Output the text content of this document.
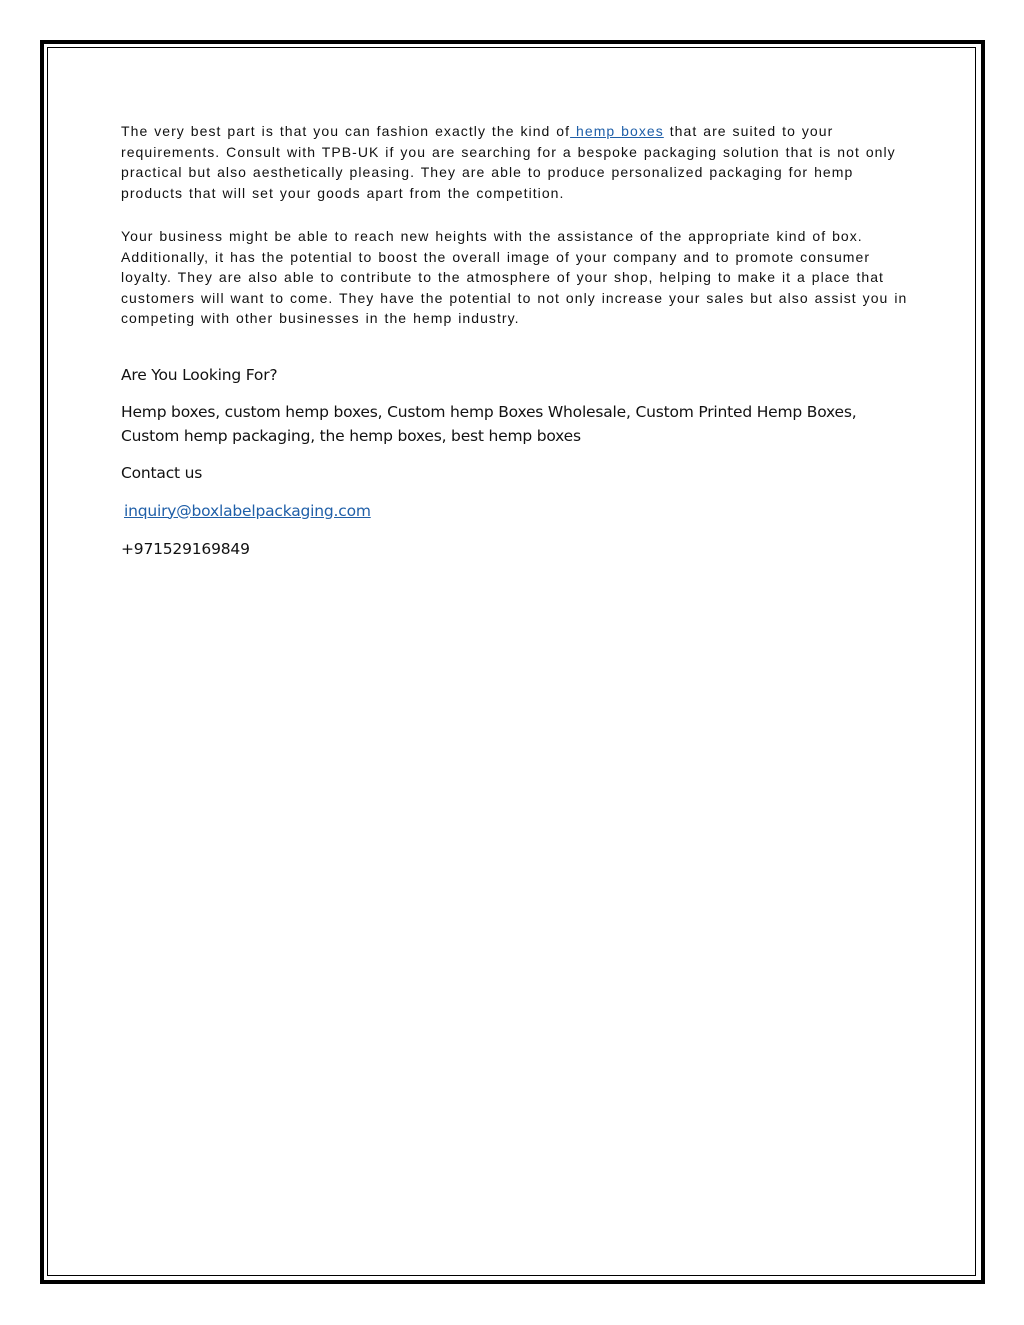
The very best part is that you can fashion exactly the kind of hemp boxes that are suited to your requirements. Consult with TPB-UK if you are searching for a bespoke packaging solution that is not only practical but also aesthetically pleasing. They are able to produce personalized packaging for hemp products that will set your goods apart from the competition.

Your business might be able to reach new heights with the assistance of the appropriate kind of box. Additionally, it has the potential to boost the overall image of your company and to promote consumer loyalty. They are also able to contribute to the atmosphere of your shop, helping to make it a place that customers will want to come. They have the potential to not only increase your sales but also assist you in competing with other businesses in the hemp industry.

Are You Looking For?

Hemp boxes, custom hemp boxes, Custom hemp Boxes Wholesale, Custom Printed Hemp Boxes, Custom hemp packaging, the hemp boxes, best hemp boxes

Contact us

inquiry@boxlabelpackaging.com

+971529169849
